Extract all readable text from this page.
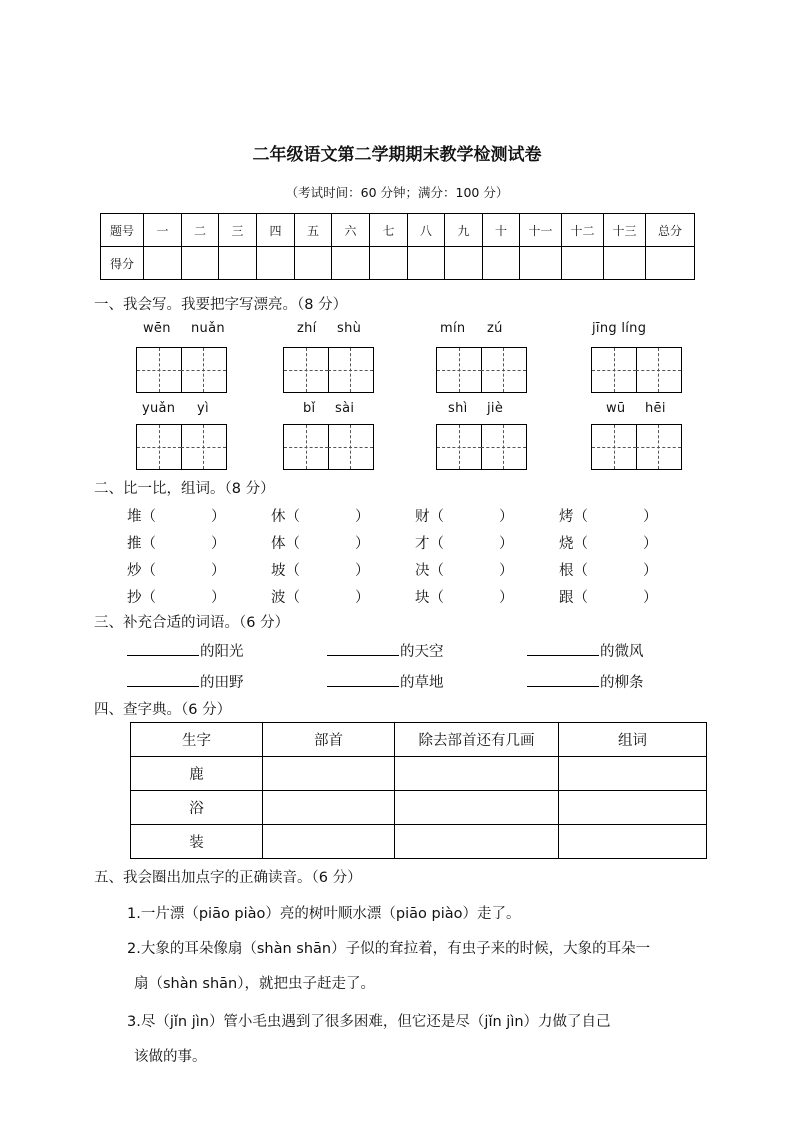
二年级语文第二学期期末教学检测试卷
（考试时间：60 分钟；满分：100 分）
题号	一	二	三	四	五	六	七	八	九	十	十一	十二	十三	总分
得分														
一、我会写。我要把字写漂亮。（8 分）
wēn nuǎn	zhí shù	mín zú	jīng líng
yuǎn yì	bǐ sài	shì jiè	wū hēi
二、比一比，组词。（8 分）
堆（	）	休（	）	财（	）	烤（	）
推（	）	体（	）	才（	）	烧（	）
炒（	）	坡（	）	决（	）	根（	）
抄（	）	波（	）	块（	）	跟（	）
三、补充合适的词语。（6 分）
的阳光	的天空	的微风
的田野	的草地	的柳条
四、查字典。（6 分）
生字	部首	除去部首还有几画	组词
鹿			
浴			
装			
五、我会圈出加点字的正确读音。（6 分）
1.一片漂（piāo piào）亮的树叶顺水漂（piāo piào）走了。
2.大象的耳朵像扇（shàn shān）子似的耷拉着，有虫子来的时候，大象的耳朵一
扇（shàn shān），就把虫子赶走了。
3.尽（jǐn jìn）管小毛虫遇到了很多困难，但它还是尽（jǐn jìn）力做了自己
该做的事。
